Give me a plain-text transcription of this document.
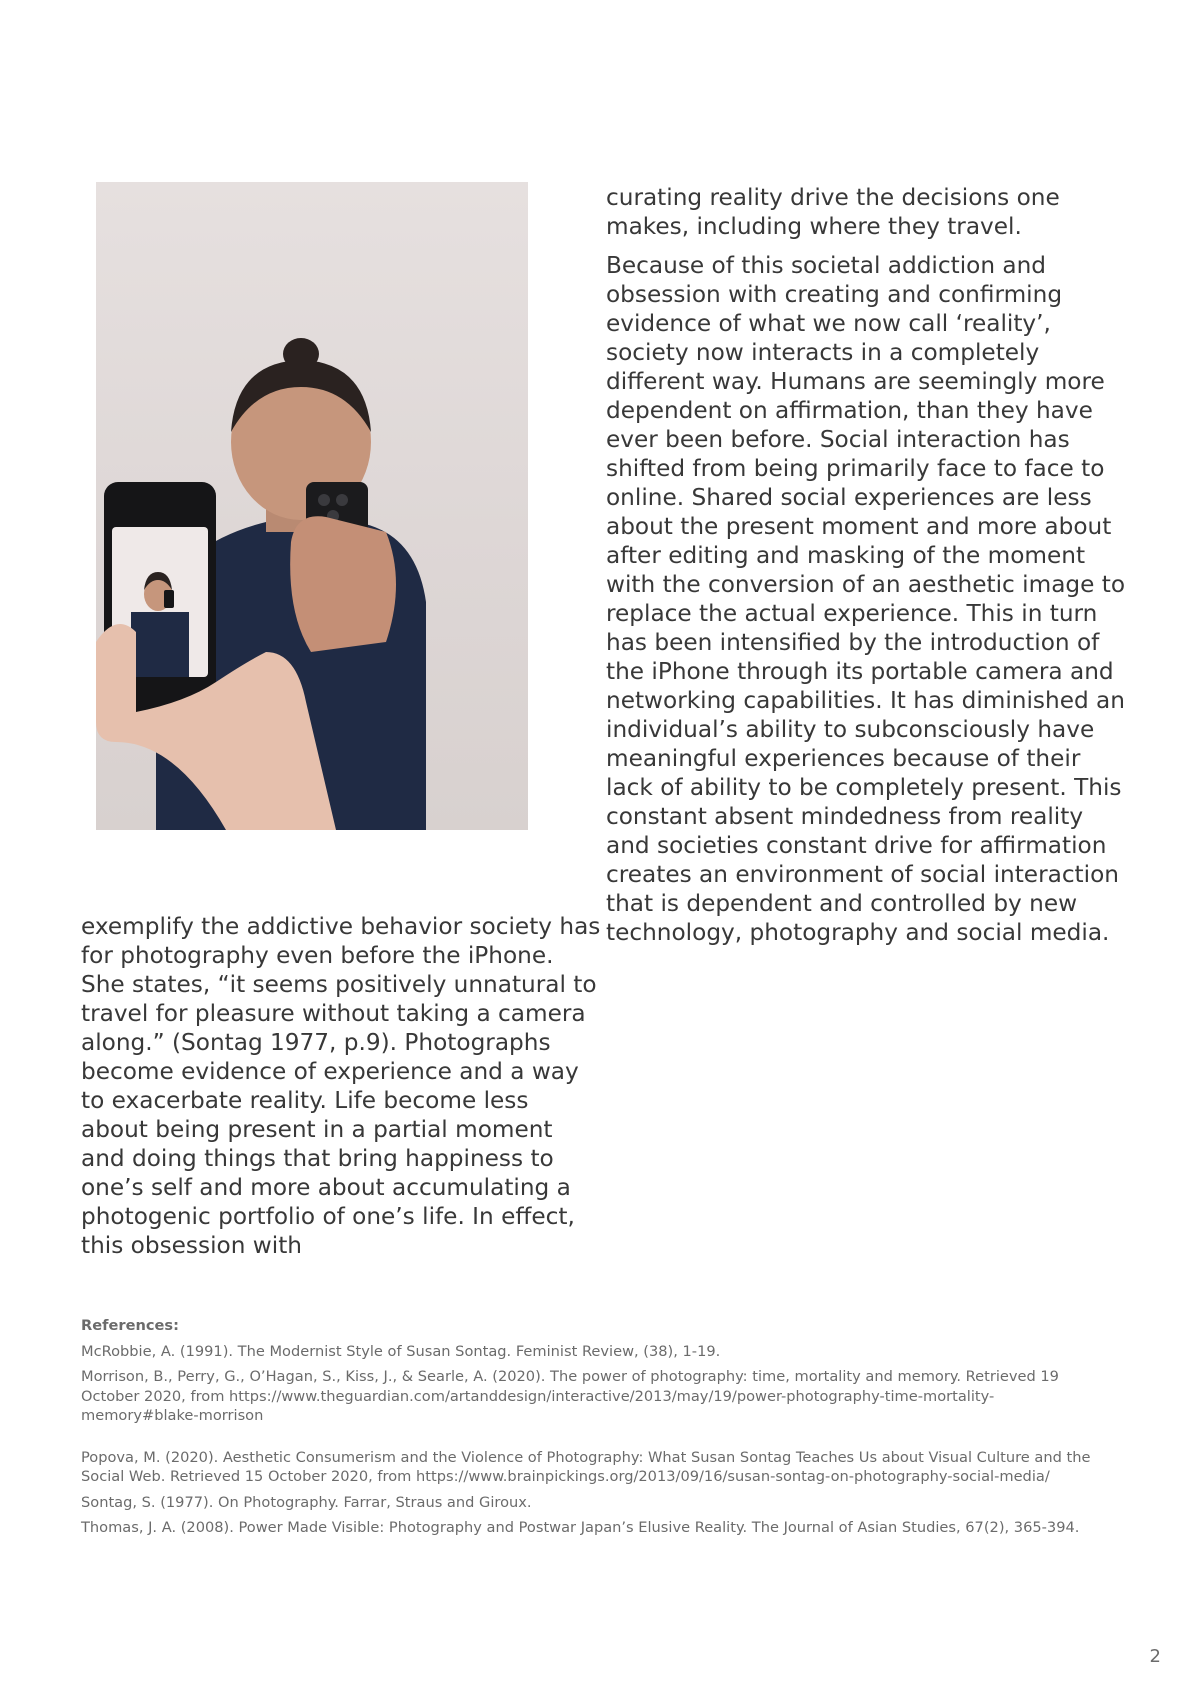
exemplify the addictive behavior society has for photography even before the iPhone. She states, “it seems positively unnatural to travel for pleasure without taking a camera along.” (Sontag 1977, p.9). Photographs become evidence of experience and a way to exacerbate reality. Life become less about being present in a partial moment and doing things that bring happiness to one’s self and more about accumulating a photogenic portfolio of one’s life. In effect, this obsession with

curating reality drive the decisions one makes, including where they travel.

Because of this societal addiction and obsession with creating and confirming evidence of what we now call ‘reality’, society now interacts in a completely different way. Humans are seemingly more dependent on affirmation, than they have ever been before. Social interaction has shifted from being primarily face to face to online. Shared social experiences are less about the present moment and more about after editing and masking of the moment with the conversion of an aesthetic image to replace the actual experience. This in turn has been intensified by the introduction of the iPhone through its portable camera and networking capabilities. It has diminished an individual’s ability to subconsciously have meaningful experiences because of their lack of ability to be completely present. This constant absent mindedness from reality and societies constant drive for affirmation creates an environment of social interaction that is dependent and controlled by new technology, photography and social media.

References:

McRobbie, A. (1991). The Modernist Style of Susan Sontag. Feminist Review, (38), 1-19.

Morrison, B., Perry, G., O’Hagan, S., Kiss, J., & Searle, A. (2020). The power of photography: time, mortality and memory. Retrieved 19 October 2020, from https://www.theguardian.com/artanddesign/interactive/2013/may/19/power-photography-time-mortality-memory#blake-morrison

Popova, M. (2020). Aesthetic Consumerism and the Violence of Photography: What Susan Sontag Teaches Us about Visual Culture and the Social Web. Retrieved 15 October 2020, from https://www.brainpickings.org/2013/09/16/susan-sontag-on-photography-social-media/

Sontag, S. (1977). On Photography. Farrar, Straus and Giroux.

Thomas, J. A. (2008). Power Made Visible: Photography and Postwar Japan’s Elusive Reality. The Journal of Asian Studies, 67(2), 365-394.

2
